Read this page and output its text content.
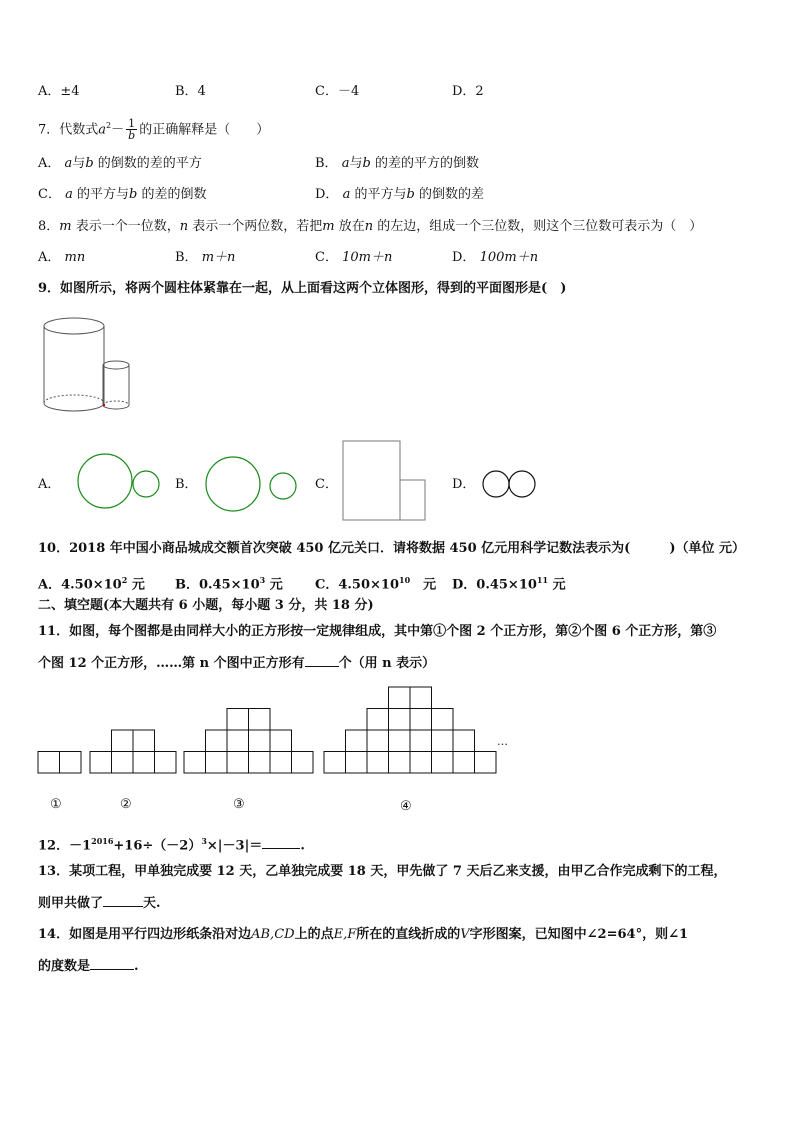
A．±4	B．4	C．－4	D．2
7．代数式$a^2- \frac{1}{b}$ 的正确解释是（　　）
A． a与b 的倒数的差的平方	B． a与b 的差的平方的倒数
C． a 的平方与b 的差的倒数	D． a 的平方与b 的倒数的差
8．m 表示一个一位数，n 表示一个两位数，若把m 放在n 的左边，组成一个三位数，则这个三位数可表示为（　）
A． mn	B． m＋n	C． 10m＋n	D． 100m＋n
9．如图所示，将两个圆柱体紧靠在一起，从上面看这两个立体图形，得到的平面图形是(　)
A．	B．	C．	D．
10．2018 年中国小商品城成交额首次突破 450 亿元关口．请将数据 450 亿元用科学记数法表示为(　　　)（单位 元）
A．$4.50\times 10^2$ 元 B．$0.45\times 10^3$ 元 C．$4.50\times 10^{10}$　元 D．$0.45\times 10^{11}$ 元
二、填空题(本大题共有 6 小题，每小题 3 分，共 18 分)
11．如图，每个图都是由同样大小的正方形按一定规律组成，其中第①个图 2 个正方形，第②个图 6 个正方形，第③
个图 12 个正方形，……第 n 个图中正方形有	个（用 n 表示）
…
①	②	③	④
12．$-1^{2016}+16\div(-2)^3\times|-3|=$	.
13．某项工程，甲单独完成要 12 天，乙单独完成要 18 天，甲先做了 7 天后乙来支援，由甲乙合作完成剩下的工程，
则甲共做了	天.
14．如图是用平行四边形纸条沿对边AB,CD上的点E,F所在的直线折成的V字形图案，已知图中∠2=64°，则∠1
的度数是	.
